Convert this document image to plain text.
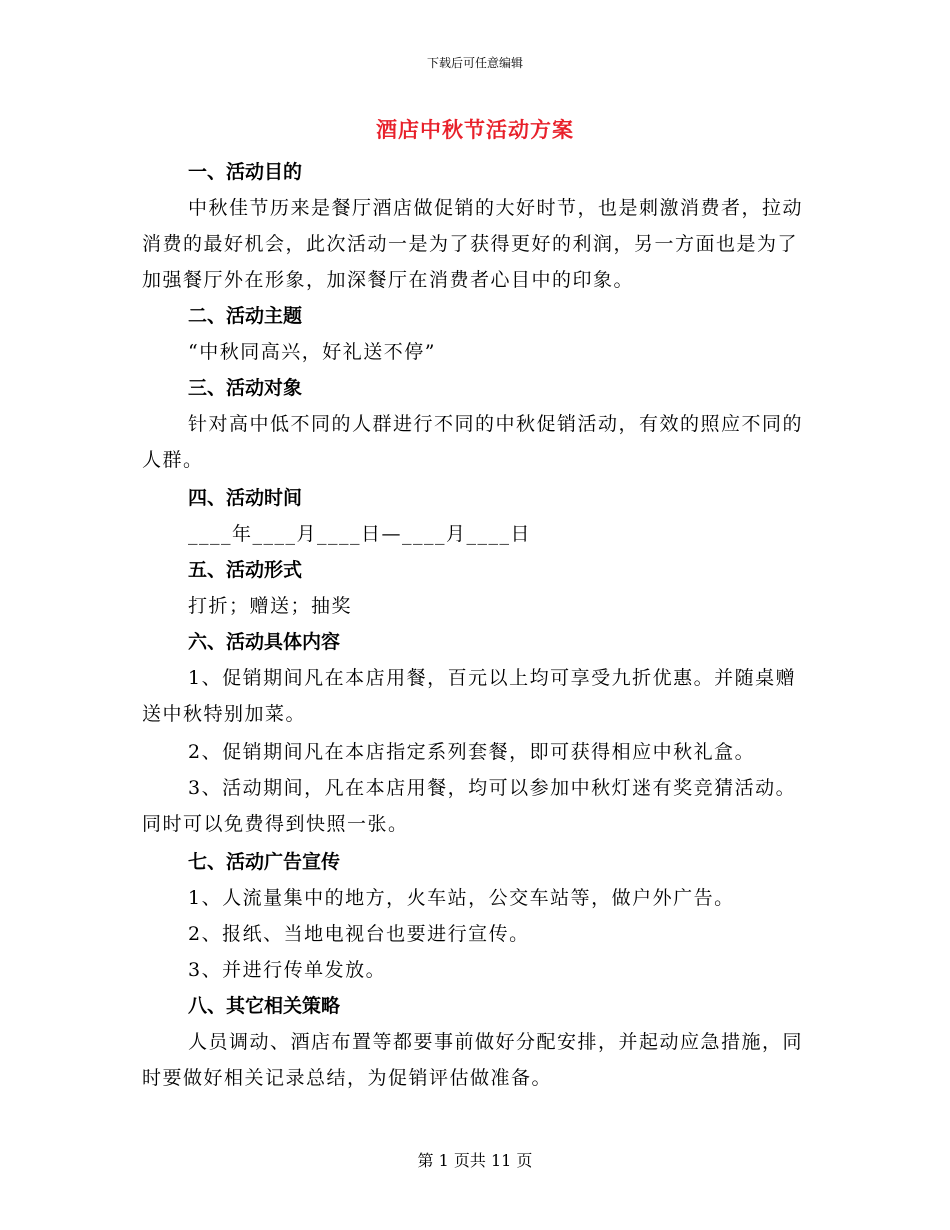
下载后可任意编辑
酒店中秋节活动方案
一、活动目的

中秋佳节历来是餐厅酒店做促销的大好时节，也是刺激消费者，拉动消费的最好机会，此次活动一是为了获得更好的利润，另一方面也是为了加强餐厅外在形象，加深餐厅在消费者心目中的印象。

二、活动主题

“中秋同高兴，好礼送不停”

三、活动对象

针对高中低不同的人群进行不同的中秋促销活动，有效的照应不同的人群。

四、活动时间

____年____月____日—____月____日

五、活动形式

打折；赠送；抽奖

六、活动具体内容

1、促销期间凡在本店用餐，百元以上均可享受九折优惠。并随桌赠送中秋特别加菜。

2、促销期间凡在本店指定系列套餐，即可获得相应中秋礼盒。

3、活动期间，凡在本店用餐，均可以参加中秋灯迷有奖竞猜活动。同时可以免费得到快照一张。

七、活动广告宣传

1、人流量集中的地方，火车站，公交车站等，做户外广告。

2、报纸、当地电视台也要进行宣传。

3、并进行传单发放。

八、其它相关策略

人员调动、酒店布置等都要事前做好分配安排，并起动应急措施，同时要做好相关记录总结，为促销评估做准备。

第 1 页共 11 页
